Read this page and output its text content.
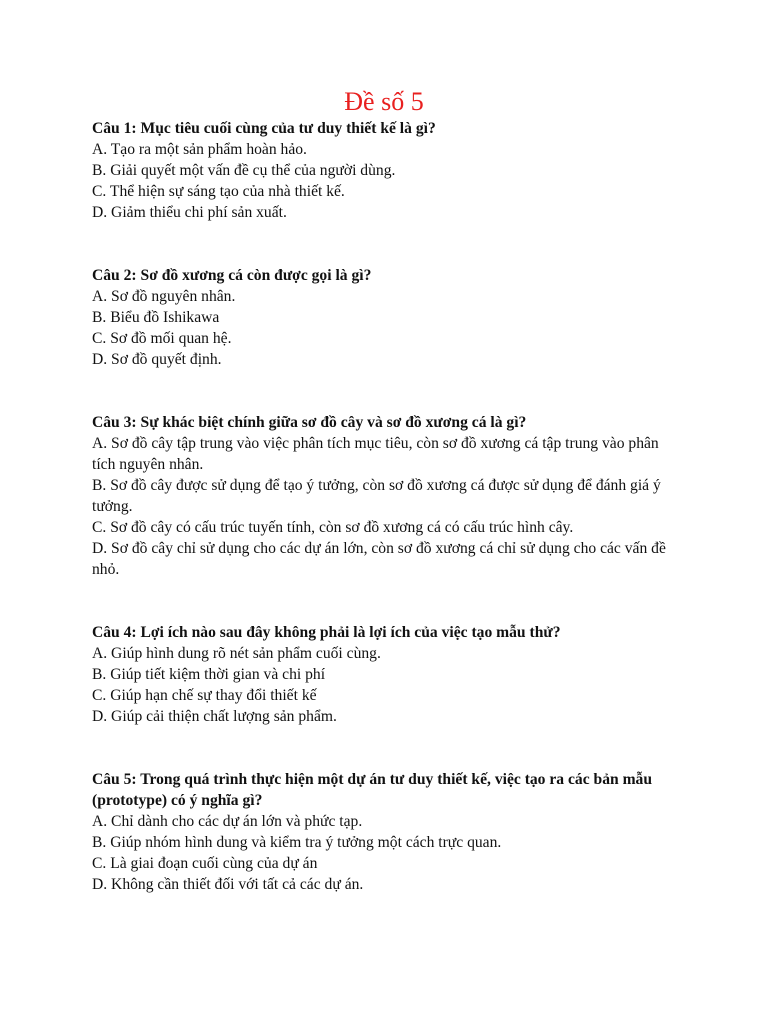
Đề số 5
Câu 1: Mục tiêu cuối cùng của tư duy thiết kế là gì?
A. Tạo ra một sản phẩm hoàn hảo.
B. Giải quyết một vấn đề cụ thể của người dùng.
C. Thể hiện sự sáng tạo của nhà thiết kế.
D. Giảm thiểu chi phí sản xuất.
Câu 2: Sơ đồ xương cá còn được gọi là gì?
A. Sơ đồ nguyên nhân.
B. Biểu đồ Ishikawa
C. Sơ đồ mối quan hệ.
D. Sơ đồ quyết định.
Câu 3: Sự khác biệt chính giữa sơ đồ cây và sơ đồ xương cá là gì?
A. Sơ đồ cây tập trung vào việc phân tích mục tiêu, còn sơ đồ xương cá tập trung vào phân tích nguyên nhân.
B. Sơ đồ cây được sử dụng để tạo ý tưởng, còn sơ đồ xương cá được sử dụng để đánh giá ý tưởng.
C. Sơ đồ cây có cấu trúc tuyến tính, còn sơ đồ xương cá có cấu trúc hình cây.
D. Sơ đồ cây chỉ sử dụng cho các dự án lớn, còn sơ đồ xương cá chỉ sử dụng cho các vấn đề nhỏ.
Câu 4: Lợi ích nào sau đây không phải là lợi ích của việc tạo mẫu thử?
A. Giúp hình dung rõ nét sản phẩm cuối cùng.
B. Giúp tiết kiệm thời gian và chi phí
C. Giúp hạn chế sự thay đổi thiết kế
D. Giúp cải thiện chất lượng sản phẩm.
Câu 5: Trong quá trình thực hiện một dự án tư duy thiết kế, việc tạo ra các bản mẫu (prototype) có ý nghĩa gì?
A. Chỉ dành cho các dự án lớn và phức tạp.
B. Giúp nhóm hình dung và kiểm tra ý tưởng một cách trực quan.
C. Là giai đoạn cuối cùng của dự án
D. Không cần thiết đối với tất cả các dự án.
